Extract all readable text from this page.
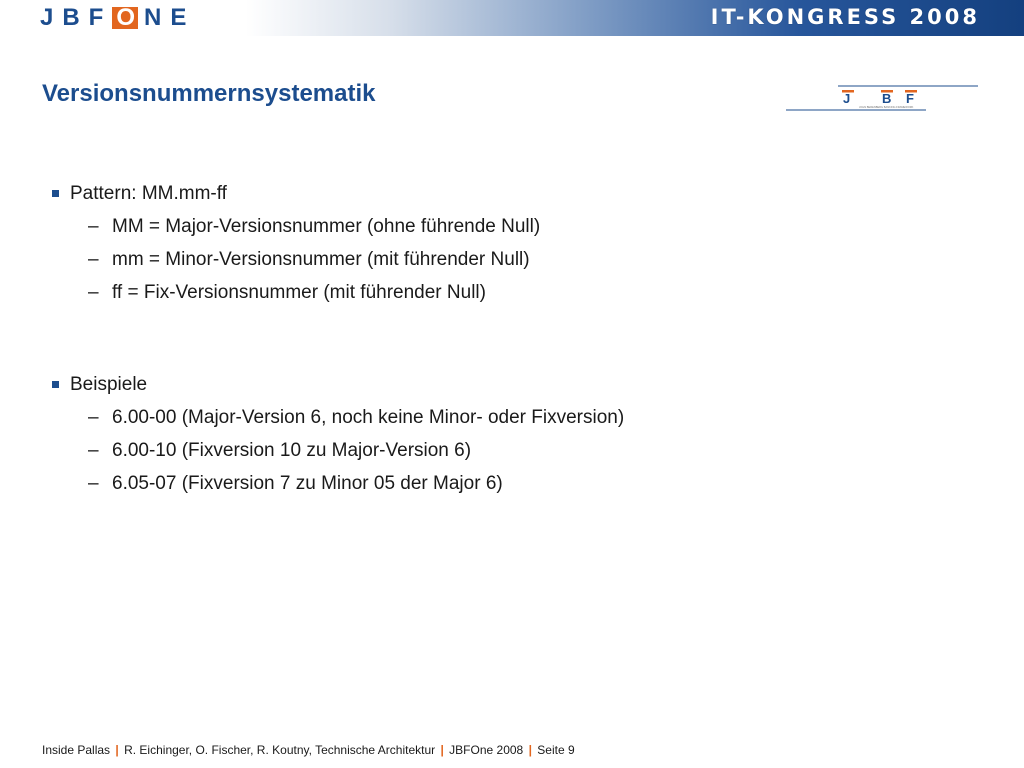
JBF O NE	IT-KONGRESS 2008
Versionsnummernsystematik	J B F
JOHN BERENBERG BANKING FRAMEWORK
Pattern: MM.mm-ff
– MM = Major-Versionsnummer (ohne führende Null)
– mm = Minor-Versionsnummer (mit führender Null)
– ff = Fix-Versionsnummer (mit führender Null)
Beispiele
– 6.00-00 (Major-Version 6, noch keine Minor- oder Fixversion)
– 6.00-10 (Fixversion 10 zu Major-Version 6)
– 6.05-07 (Fixversion 7 zu Minor 05 der Major 6)
Inside Pallas | R. Eichinger, O. Fischer, R. Koutny, Technische Architektur | JBFOne 2008 | Seite 9
